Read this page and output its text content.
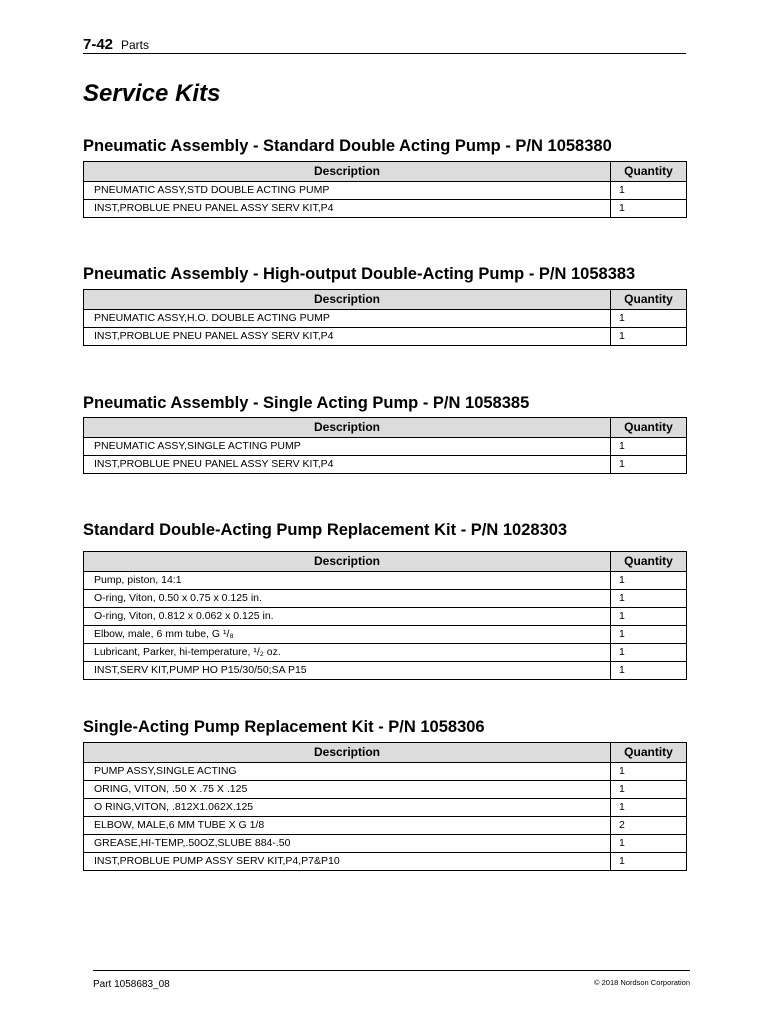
7-42 Parts
Service Kits
Pneumatic Assembly - Standard Double Acting Pump - P/N 1058380
Description	Quantity
PNEUMATIC ASSY,STD DOUBLE ACTING PUMP	1
INST,PROBLUE PNEU PANEL ASSY SERV KIT,P4	1
Pneumatic Assembly - High-output Double-Acting Pump - P/N 1058383
Description	Quantity
PNEUMATIC ASSY,H.O. DOUBLE ACTING PUMP	1
INST,PROBLUE PNEU PANEL ASSY SERV KIT,P4	1
Pneumatic Assembly - Single Acting Pump - P/N 1058385
Description	Quantity
PNEUMATIC ASSY,SINGLE ACTING PUMP	1
INST,PROBLUE PNEU PANEL ASSY SERV KIT,P4	1
Standard Double-Acting Pump Replacement Kit - P/N 1028303
Description	Quantity
Pump, piston, 14:1	1
O-ring, Viton, 0.50 x 0.75 x 0.125 in.	1
O-ring, Viton, 0.812 x 0.062 x 0.125 in.	1
Elbow, male, 6 mm tube, G ¹/₈	1
Lubricant, Parker, hi-temperature, ¹/₂ oz.	1
INST,SERV KIT,PUMP HO P15/30/50;SA P15	1
Single-Acting Pump Replacement Kit - P/N 1058306
Description	Quantity
PUMP ASSY,SINGLE ACTING	1
ORING, VITON, .50 X .75 X .125	1
O RING,VITON, .812X1.062X.125	1
ELBOW, MALE,6 MM TUBE X G 1/8	2
GREASE,HI-TEMP,.50OZ,SLUBE 884-.50	1
INST,PROBLUE PUMP ASSY SERV KIT,P4,P7&P10	1
Part 1058683_08	© 2018 Nordson Corporation
